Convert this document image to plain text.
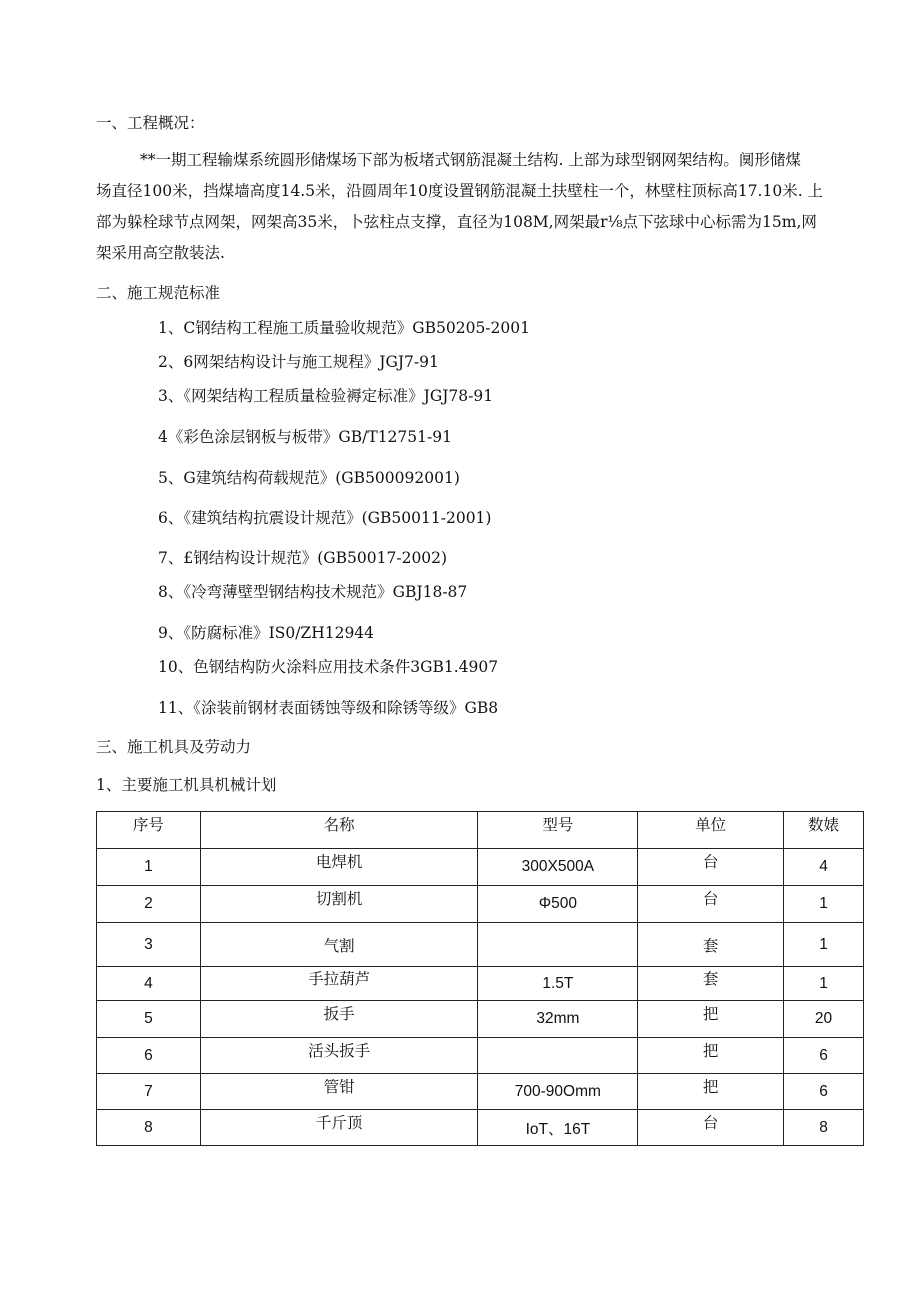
一、工程概况：
**一期工程输煤系统圆形储煤场下部为板堵式钢筋混凝土结构. 上部为球型钢网架结构。阒形储煤
场直径100米，挡煤墙高度14.5米，沿圆周年10度设置钢筋混凝土扶壁柱一个，林壁柱顶标高17.10米. 上
部为躲栓球节点网架，网架高35米，卜弦柱点支撑，直径为108M,网架最r⅛点下弦球中心标需为15m,网
架采用高空散装法.
二、施工规范标准
1、C钢结构工程施工质量验收规范》GB50205-2001
2、6网架结构设计与施工规程》JGJ7-91
3、《网架结构工程质量检验褥定标准》JGJ78-91
4《彩色涂层钢板与板带》GB/T12751-91
5、G建筑结构荷载规范》(GB500092001)
6、《建筑结构抗震设计规范》(GB50011-2001)
7、£钢结构设计规范》(GB50017-2002)
8、《冷弯薄壁型钢结构技术规范》GBJ18-87
9、《防腐标准》IS0/ZH12944
10、色钢结构防火涂料应用技术条件3GB1.4907
11、《涂装前钢材表面锈蚀等级和除锈等级》GB8
三、施工机具及劳动力
1、主要施工机具机械计划
序号	名称	型号	单位	数婊
1	电焊机	300X500A	台	4
2	切割机	Φ500	台	1
3	气割		套	1
4	手拉葫芦	1.5T	套	1
5	扳手	32mm	把	20
6	活头扳手		把	6
7	管钳	700-90Omm	把	6
8	千斤顶	IoT、16T	台	8
